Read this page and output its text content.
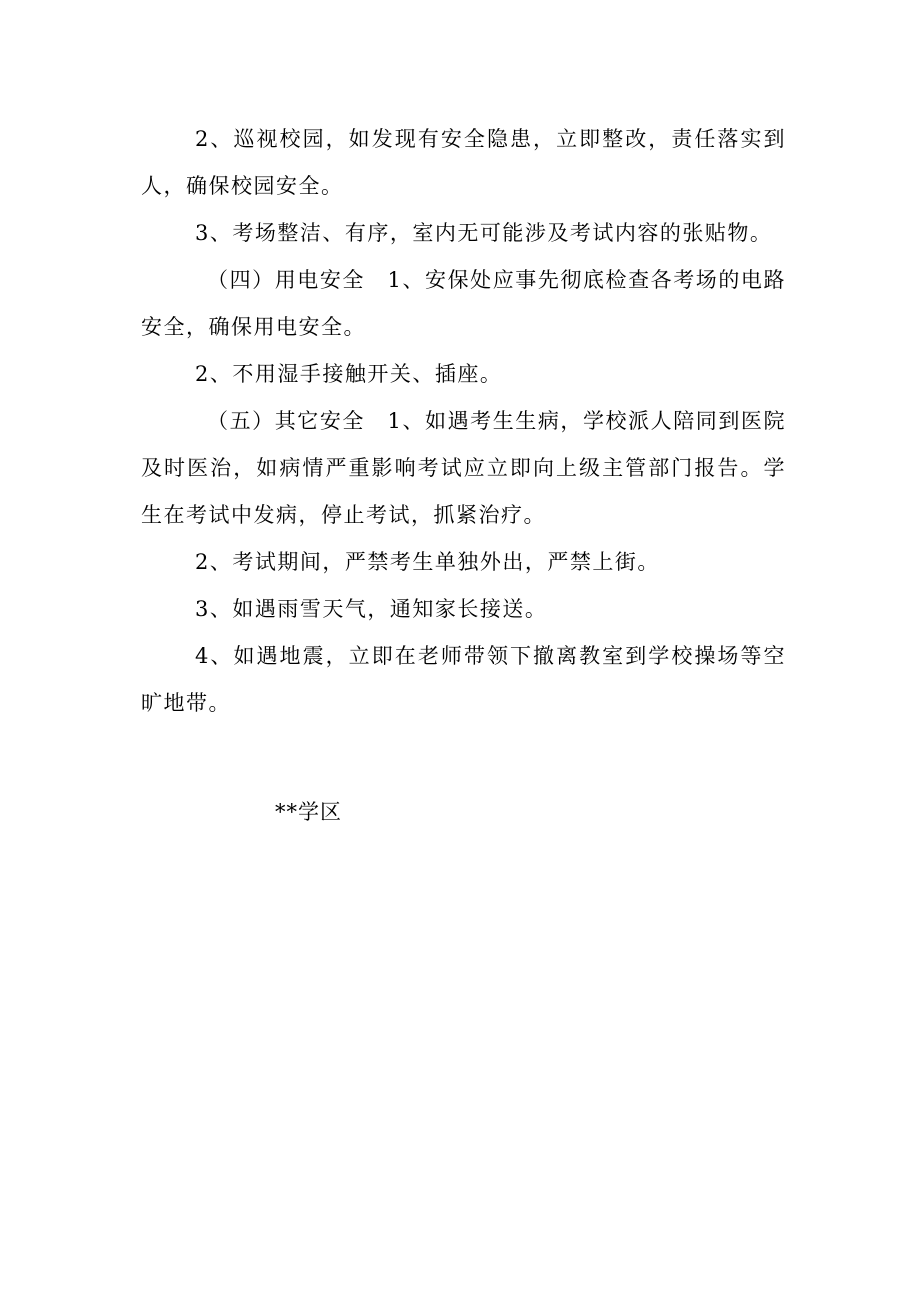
2、巡视校园，如发现有安全隐患，立即整改，责任落实到人，确保校园安全。

3、考场整洁、有序，室内无可能涉及考试内容的张贴物。

（四）用电安全　1、安保处应事先彻底检查各考场的电路安全，确保用电安全。

2、不用湿手接触开关、插座。

（五）其它安全　1、如遇考生生病，学校派人陪同到医院及时医治，如病情严重影响考试应立即向上级主管部门报告。学生在考试中发病，停止考试，抓紧治疗。

2、考试期间，严禁考生单独外出，严禁上街。

3、如遇雨雪天气，通知家长接送。

4、如遇地震，立即在老师带领下撤离教室到学校操场等空旷地带。

**学区
